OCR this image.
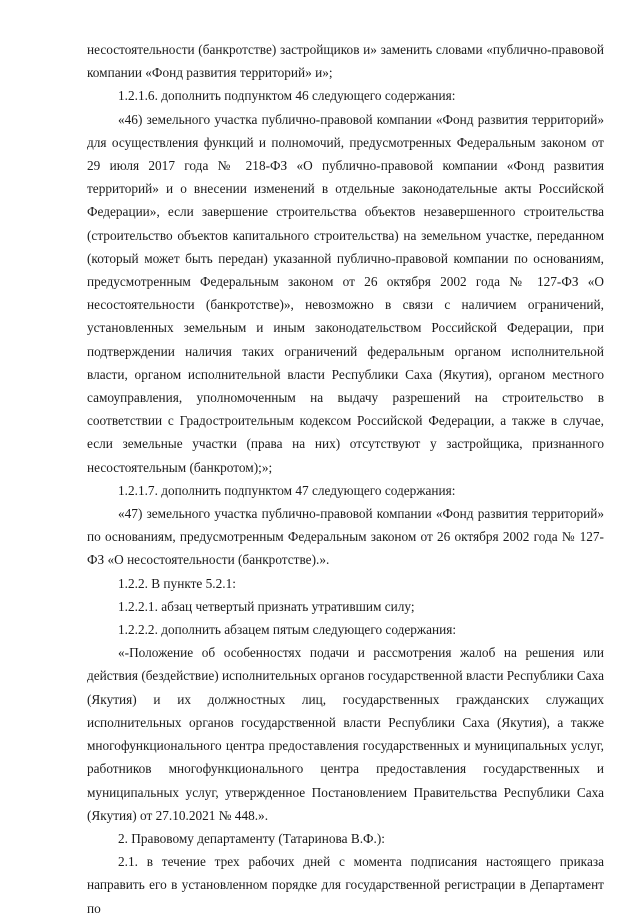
несостоятельности (банкротстве) застройщиков и» заменить словами «публично-правовой компании «Фонд развития территорий» и»;

1.2.1.6. дополнить подпунктом 46 следующего содержания:

«46) земельного участка публично-правовой компании «Фонд развития территорий» для осуществления функций и полномочий, предусмотренных Федеральным законом от 29 июля 2017 года № 218-ФЗ «О публично-правовой компании «Фонд развития территорий» и о внесении изменений в отдельные законодательные акты Российской Федерации», если завершение строительства объектов незавершенного строительства (строительство объектов капитального строительства) на земельном участке, переданном (который может быть передан) указанной публично-правовой компании по основаниям, предусмотренным Федеральным законом от 26 октября 2002 года № 127-ФЗ «О несостоятельности (банкротстве)», невозможно в связи с наличием ограничений, установленных земельным и иным законодательством Российской Федерации, при подтверждении наличия таких ограничений федеральным органом исполнительной власти, органом исполнительной власти Республики Саха (Якутия), органом местного самоуправления, уполномоченным на выдачу разрешений на строительство в соответствии с Градостроительным кодексом Российской Федерации, а также в случае, если земельные участки (права на них) отсутствуют у застройщика, признанного несостоятельным (банкротом);»;

1.2.1.7. дополнить подпунктом 47 следующего содержания:

«47) земельного участка публично-правовой компании «Фонд развития территорий» по основаниям, предусмотренным Федеральным законом от 26 октября 2002 года № 127-ФЗ «О несостоятельности (банкротстве).».

1.2.2. В пункте 5.2.1:

1.2.2.1. абзац четвертый признать утратившим силу;

1.2.2.2. дополнить абзацем пятым следующего содержания:

«-Положение об особенностях подачи и рассмотрения жалоб на решения или действия (бездействие) исполнительных органов государственной власти Республики Саха (Якутия) и их должностных лиц, государственных гражданских служащих исполнительных органов государственной власти Республики Саха (Якутия), а также многофункционального центра предоставления государственных и муниципальных услуг, работников многофункционального центра предоставления государственных и муниципальных услуг, утвержденное Постановлением Правительства Республики Саха (Якутия) от 27.10.2021 № 448.».

2. Правовому департаменту (Татаринова В.Ф.):

2.1. в течение трех рабочих дней с момента подписания настоящего приказа направить его в установленном порядке для государственной регистрации в Департамент по
